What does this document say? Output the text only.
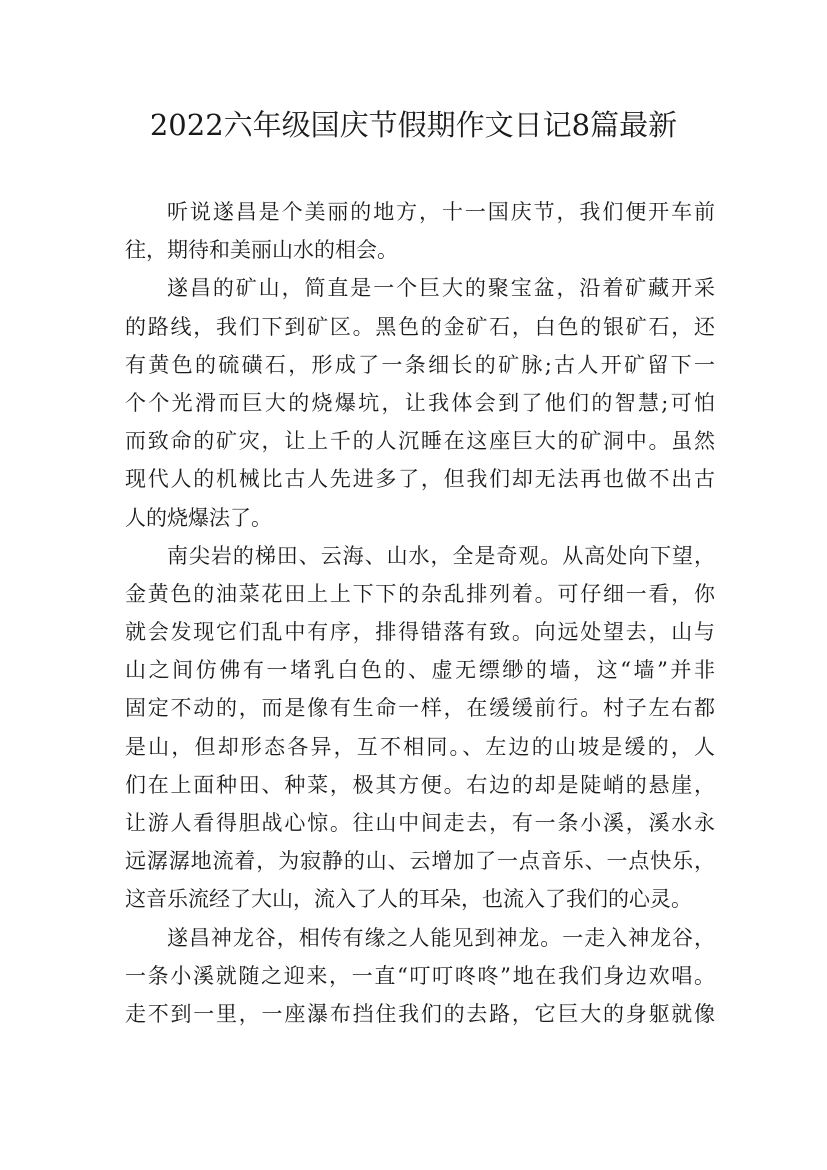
2022六年级国庆节假期作文日记8篇最新
听说遂昌是个美丽的地方，十一国庆节，我们便开车前
往，期待和美丽山水的相会。
遂昌的矿山，简直是一个巨大的聚宝盆，沿着矿藏开采
的路线，我们下到矿区。黑色的金矿石，白色的银矿石，还
有黄色的硫磺石，形成了一条细长的矿脉;古人开矿留下一
个个光滑而巨大的烧爆坑，让我体会到了他们的智慧;可怕
而致命的矿灾，让上千的人沉睡在这座巨大的矿洞中。虽然
现代人的机械比古人先进多了，但我们却无法再也做不出古
人的烧爆法了。
南尖岩的梯田、云海、山水，全是奇观。从高处向下望，
金黄色的油菜花田上上下下的杂乱排列着。可仔细一看，你
就会发现它们乱中有序，排得错落有致。向远处望去，山与
山之间仿佛有一堵乳白色的、虚无缥缈的墙，这“墙”并非
固定不动的，而是像有生命一样，在缓缓前行。村子左右都
是山，但却形态各异，互不相同。、左边的山坡是缓的，人
们在上面种田、种菜，极其方便。右边的却是陡峭的悬崖，
让游人看得胆战心惊。往山中间走去，有一条小溪，溪水永
远潺潺地流着，为寂静的山、云增加了一点音乐、一点快乐，
这音乐流经了大山，流入了人的耳朵，也流入了我们的心灵。
遂昌神龙谷，相传有缘之人能见到神龙。一走入神龙谷，
一条小溪就随之迎来，一直“叮叮咚咚”地在我们身边欢唱。
走不到一里，一座瀑布挡住我们的去路，它巨大的身躯就像
